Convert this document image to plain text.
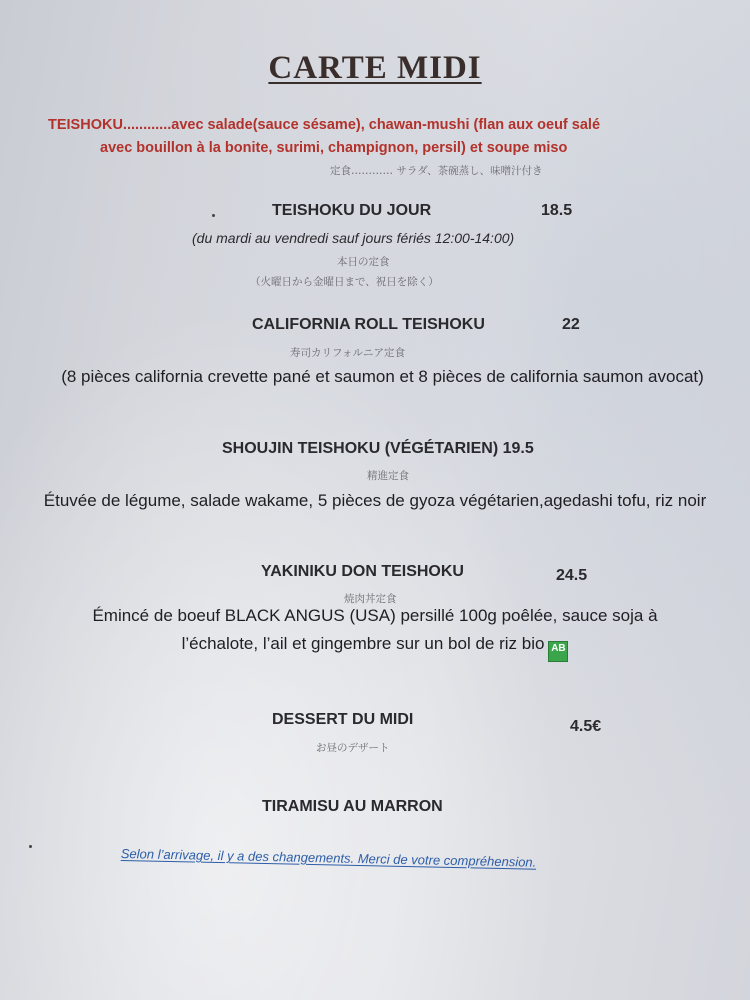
CARTE MIDI
TEISHOKU............avec salade(sauce sésame), chawan-mushi (flan aux oeuf salé
avec bouillon à la bonite, surimi, champignon, persil) et soupe miso
定食………… サラダ、茶碗蒸し、味噌汁付き
TEISHOKU DU JOUR	18.5
(du mardi au vendredi sauf jours fériés 12:00-14:00)
本日の定食
（火曜日から金曜日まで、祝日を除く）
CALIFORNIA ROLL TEISHOKU	22
寿司カリフォルニア定食
(8 pièces california crevette pané et saumon et 8 pièces de california saumon avocat)
SHOUJIN TEISHOKU (VÉGÉTARIEN) 19.5
精進定食
Étuvée de légume, salade wakame, 5 pièces de gyoza végétarien,agedashi tofu, riz noir
YAKINIKU DON TEISHOKU	24.5
焼肉丼定食
Émincé de boeuf BLACK ANGUS (USA) persillé 100g poêlée, sauce soja à
l’échalote, l’ail et gingembre sur un bol de riz bio AB
DESSERT DU MIDI	4.5€
お昼のデザート
TIRAMISU AU MARRON
Selon l’arrivage, il y a des changements. Merci de votre compréhension.
